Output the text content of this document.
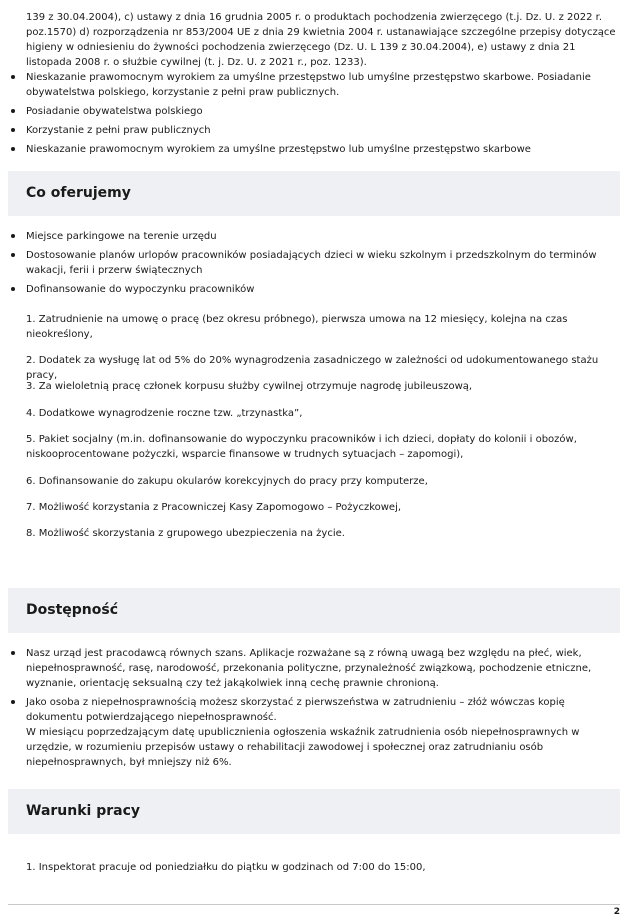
139 z 30.04.2004), c) ustawy z dnia 16 grudnia 2005 r. o produktach pochodzenia zwierzęcego (t.j. Dz. U. z 2022 r. poz.1570) d) rozporządzenia nr 853/2004 UE z dnia 29 kwietnia 2004 r. ustanawiające szczególne przepisy dotyczące higieny w odniesieniu do żywności pochodzenia zwierzęcego (Dz. U. L 139 z 30.04.2004), e) ustawy z dnia 21 listopada 2008 r. o służbie cywilnej (t. j. Dz. U. z 2021 r., poz. 1233).

Nieskazanie prawomocnym wyrokiem za umyślne przestępstwo lub umyślne przestępstwo skarbowe. Posiadanie obywatelstwa polskiego, korzystanie z pełni praw publicznych.
Posiadanie obywatelstwa polskiego
Korzystanie z pełni praw publicznych
Nieskazanie prawomocnym wyrokiem za umyślne przestępstwo lub umyślne przestępstwo skarbowe
Co oferujemy
Miejsce parkingowe na terenie urzędu
Dostosowanie planów urlopów pracowników posiadających dzieci w wieku szkolnym i przedszkolnym do terminów wakacji, ferii i przerw świątecznych
Dofinansowanie do wypoczynku pracowników

1. Zatrudnienie na umowę o pracę (bez okresu próbnego), pierwsza umowa na 12 miesięcy, kolejna na czas nieokreślony,

2. Dodatek za wysługę lat od 5% do 20% wynagrodzenia zasadniczego w zależności od udokumentowanego stażu pracy,

3. Za wieloletnią pracę członek korpusu służby cywilnej otrzymuje nagrodę jubileuszową,

4. Dodatkowe wynagrodzenie roczne tzw. „trzynastka”,

5. Pakiet socjalny (m.in. dofinansowanie do wypoczynku pracowników i ich dzieci, dopłaty do kolonii i obozów, niskooprocentowane pożyczki, wsparcie finansowe w trudnych sytuacjach – zapomogi),

6. Dofinansowanie do zakupu okularów korekcyjnych do pracy przy komputerze,

7. Możliwość korzystania z Pracowniczej Kasy Zapomogowo – Pożyczkowej,

8. Możliwość skorzystania z grupowego ubezpieczenia na życie.

Dostępność
Nasz urząd jest pracodawcą równych szans. Aplikacje rozważane są z równą uwagą bez względu na płeć, wiek, niepełnosprawność, rasę, narodowość, przekonania polityczne, przynależność związkową, pochodzenie etniczne, wyznanie, orientację seksualną czy też jakąkolwiek inną cechę prawnie chronioną.
Jako osoba z niepełnosprawnością możesz skorzystać z pierwszeństwa w zatrudnieniu – złóż wówczas kopię dokumentu potwierdzającego niepełnosprawność.
W miesiącu poprzedzającym datę upublicznienia ogłoszenia wskaźnik zatrudnienia osób niepełnosprawnych w urzędzie, w rozumieniu przepisów ustawy o rehabilitacji zawodowej i społecznej oraz zatrudnianiu osób niepełnosprawnych, był mniejszy niż 6%.
Warunki pracy

1. Inspektorat pracuje od poniedziałku do piątku w godzinach od 7:00 do 15:00,

2
